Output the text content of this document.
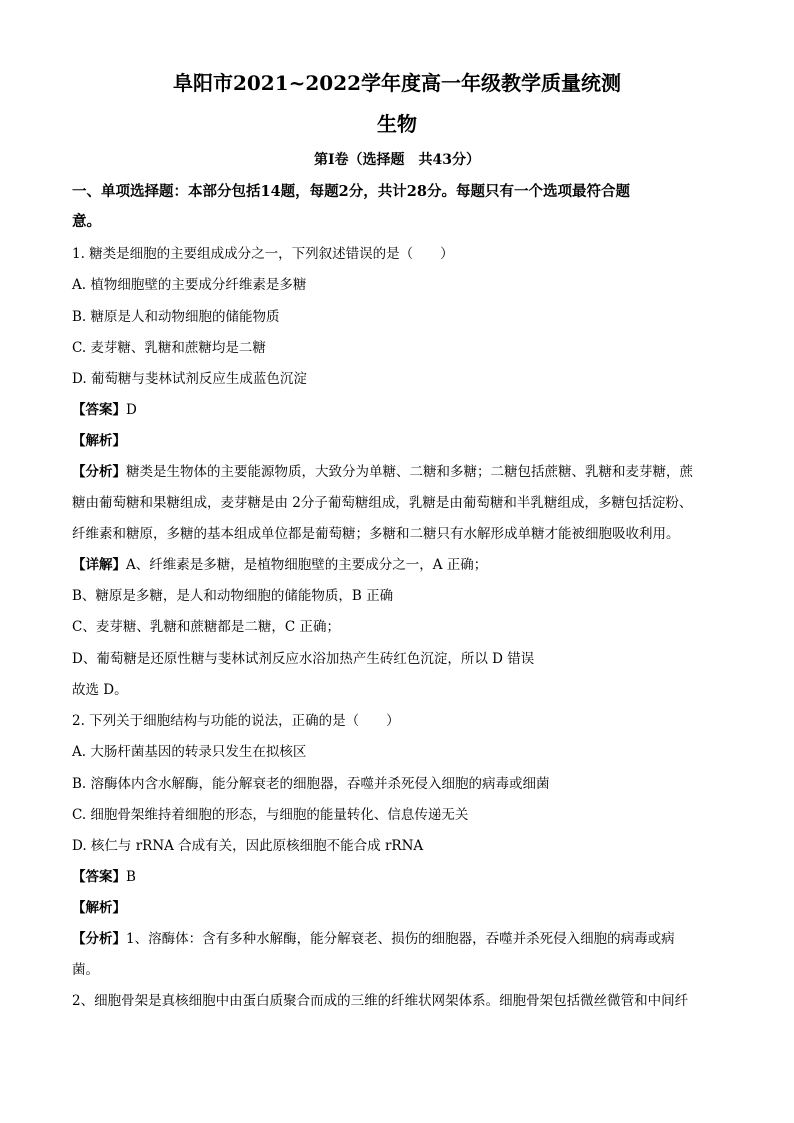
阜阳市2021~2022学年度高一年级教学质量统测
生物
第Ⅰ卷（选择题　共43分）
一、单项选择题：本部分包括14题，每题2分，共计28分。每题只有一个选项最符合题
意。
1. 糖类是细胞的主要组成成分之一，下列叙述错误的是（　　）
A. 植物细胞壁的主要成分纤维素是多糖
B. 糖原是人和动物细胞的储能物质
C. 麦芽糖、乳糖和蔗糖均是二糖
D. 葡萄糖与斐林试剂反应生成蓝色沉淀
【答案】D
【解析】
【分析】糖类是生物体的主要能源物质，大致分为单糖、二糖和多糖；二糖包括蔗糖、乳糖和麦芽糖，蔗
糖由葡萄糖和果糖组成，麦芽糖是由 2分子葡萄糖组成，乳糖是由葡萄糖和半乳糖组成，多糖包括淀粉、
纤维素和糖原，多糖的基本组成单位都是葡萄糖；多糖和二糖只有水解形成单糖才能被细胞吸收利用。
【详解】A、纤维素是多糖，是植物细胞壁的主要成分之一，A 正确；
B、糖原是多糖，是人和动物细胞的储能物质，B 正确
C、麦芽糖、乳糖和蔗糖都是二糖，C 正确；
D、葡萄糖是还原性糖与斐林试剂反应水浴加热产生砖红色沉淀，所以 D 错误
故选 D。
2. 下列关于细胞结构与功能的说法，正确的是（　　）
A. 大肠杆菌基因的转录只发生在拟核区
B. 溶酶体内含水解酶，能分解衰老的细胞器，吞噬并杀死侵入细胞的病毒或细菌
C. 细胞骨架维持着细胞的形态，与细胞的能量转化、信息传递无关
D. 核仁与 rRNA 合成有关，因此原核细胞不能合成 rRNA
【答案】B
【解析】
【分析】1、溶酶体：含有多种水解酶，能分解衰老、损伤的细胞器，吞噬并杀死侵入细胞的病毒或病
菌。
2、细胞骨架是真核细胞中由蛋白质聚合而成的三维的纤维状网架体系。细胞骨架包括微丝微管和中间纤
